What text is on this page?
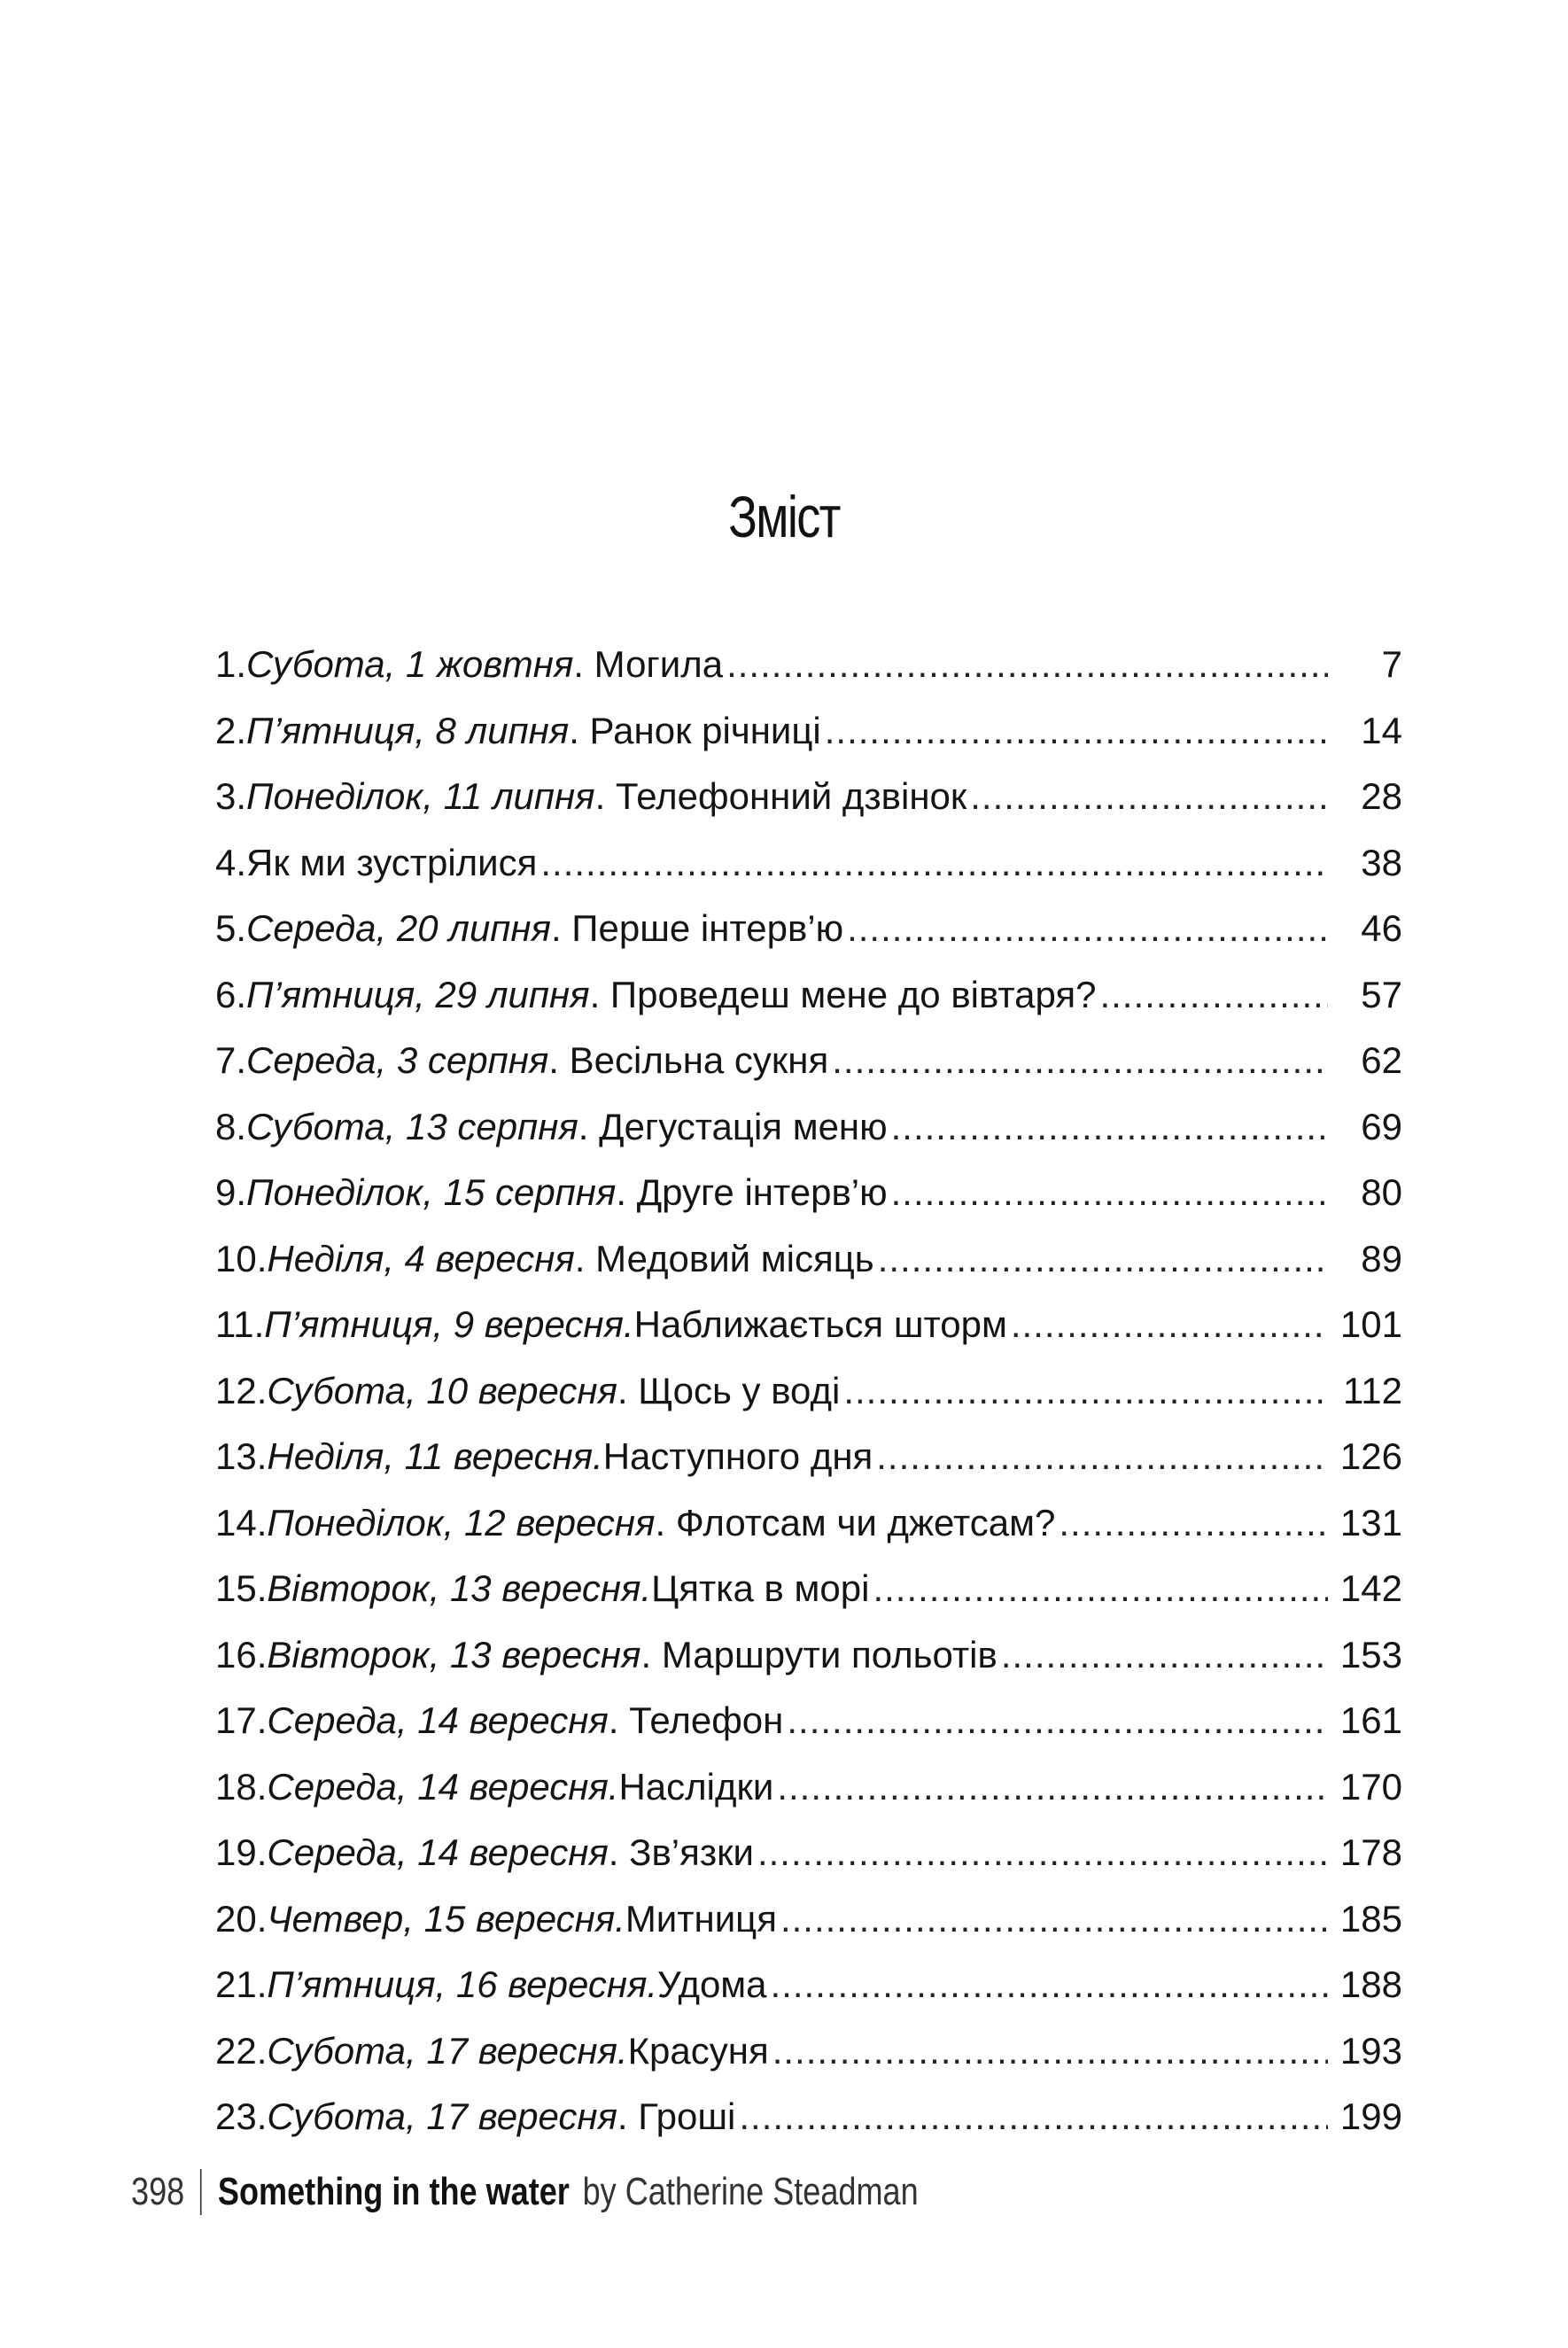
Зміст
1. Субота, 1 жовтня . Могила .....	7
2. П’ятниця, 8 липня . Ранок річниці .....	14
3. Понеділок, 11 липня . Телефонний дзвінок .....	28
4. Як ми зустрілися .....	38
5. Середа, 20 липня . Перше інтерв’ю .....	46
6. П’ятниця, 29 липня . Проведеш мене до вівтаря? .....	57
7. Середа, 3 серпня . Весільна сукня .....	62
8. Субота, 13 серпня . Дегустація меню .....	69
9. Понеділок, 15 серпня . Друге інтерв’ю .....	80
10. Неділя, 4 вересня . Медовий місяць .....	89
11. П’ятниця, 9 вересня. Наближається шторм .....	101
12. Субота, 10 вересня . Щось у воді .....	112
13. Неділя, 11 вересня. Наступного дня .....	126
14. Понеділок, 12 вересня . Флотсам чи джетсам? .....	131
15. Вівторок, 13 вересня. Цятка в морі .....	142
16. Вівторок, 13 вересня . Маршрути польотів .....	153
17. Середа, 14 вересня . Телефон .....	161
18. Середа, 14 вересня. Наслідки .....	170
19. Середа, 14 вересня . Зв’язки .....	178
20. Четвер, 15 вересня. Митниця .....	185
21. П’ятниця, 16 вересня. Удома .....	188
22. Субота, 17 вересня. Красуня .....	193
23. Субота, 17 вересня . Гроші .....	199
398 Something in the water by Catherine Steadman
